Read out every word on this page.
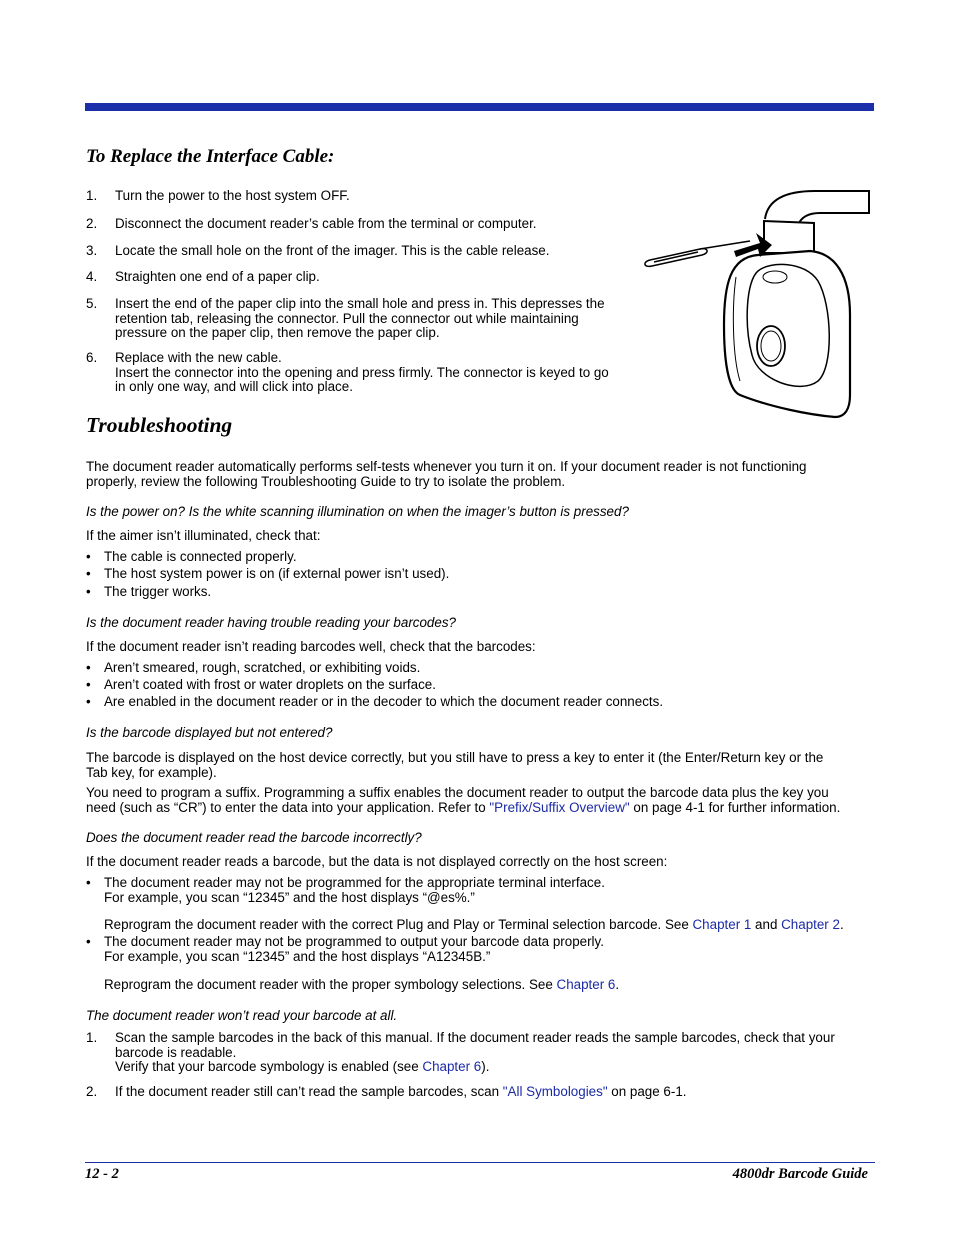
To Replace the Interface Cable:
1. Turn the power to the host system OFF.
2. Disconnect the document reader’s cable from the terminal or computer.
3. Locate the small hole on the front of the imager. This is the cable release.
4. Straighten one end of a paper clip.
5. Insert the end of the paper clip into the small hole and press in. This depresses the

retention tab, releasing the connector. Pull the connector out while maintaining

pressure on the paper clip, then remove the paper clip.

6. Replace with the new cable.

Insert the connector into the opening and press firmly. The connector is keyed to go

in only one way, and will click into place.

Troubleshooting

The document reader automatically performs self-tests whenever you turn it on. If your document reader is not functioning

properly, review the following Troubleshooting Guide to try to isolate the problem.

Is the power on? Is the white scanning illumination on when the imager’s button is pressed?
If the aimer isn’t illuminated, check that:
• The cable is connected properly.
• The host system power is on (if external power isn’t used).
• The trigger works.
Is the document reader having trouble reading your barcodes?
If the document reader isn’t reading barcodes well, check that the barcodes:
• Aren’t smeared, rough, scratched, or exhibiting voids.
• Aren’t coated with frost or water droplets on the surface.
• Are enabled in the document reader or in the decoder to which the document reader connects.
Is the barcode displayed but not entered?

The barcode is displayed on the host device correctly, but you still have to press a key to enter it (the Enter/Return key or the

Tab key, for example).

You need to program a suffix. Programming a suffix enables the document reader to output the barcode data plus the key you

need (such as “CR”) to enter the data into your application. Refer to "Prefix/Suffix Overview" on page 4-1 for further information.

Does the document reader read the barcode incorrectly?
If the document reader reads a barcode, but the data is not displayed correctly on the host screen:
• The document reader may not be programmed for the appropriate terminal interface.

For example, you scan “12345” and the host displays “@es%.”

Reprogram the document reader with the correct Plug and Play or Terminal selection barcode. See Chapter 1 and Chapter 2.
• The document reader may not be programmed to output your barcode data properly.

For example, you scan “12345” and the host displays “A12345B.”

Reprogram the document reader with the proper symbology selections. See Chapter 6.
The document reader won’t read your barcode at all.
1. Scan the sample barcodes in the back of this manual. If the document reader reads the sample barcodes, check that your

barcode is readable.

Verify that your barcode symbology is enabled (see Chapter 6).

2. If the document reader still can’t read the sample barcodes, scan "All Symbologies" on page 6-1.
12 - 2	4800dr Barcode Guide
